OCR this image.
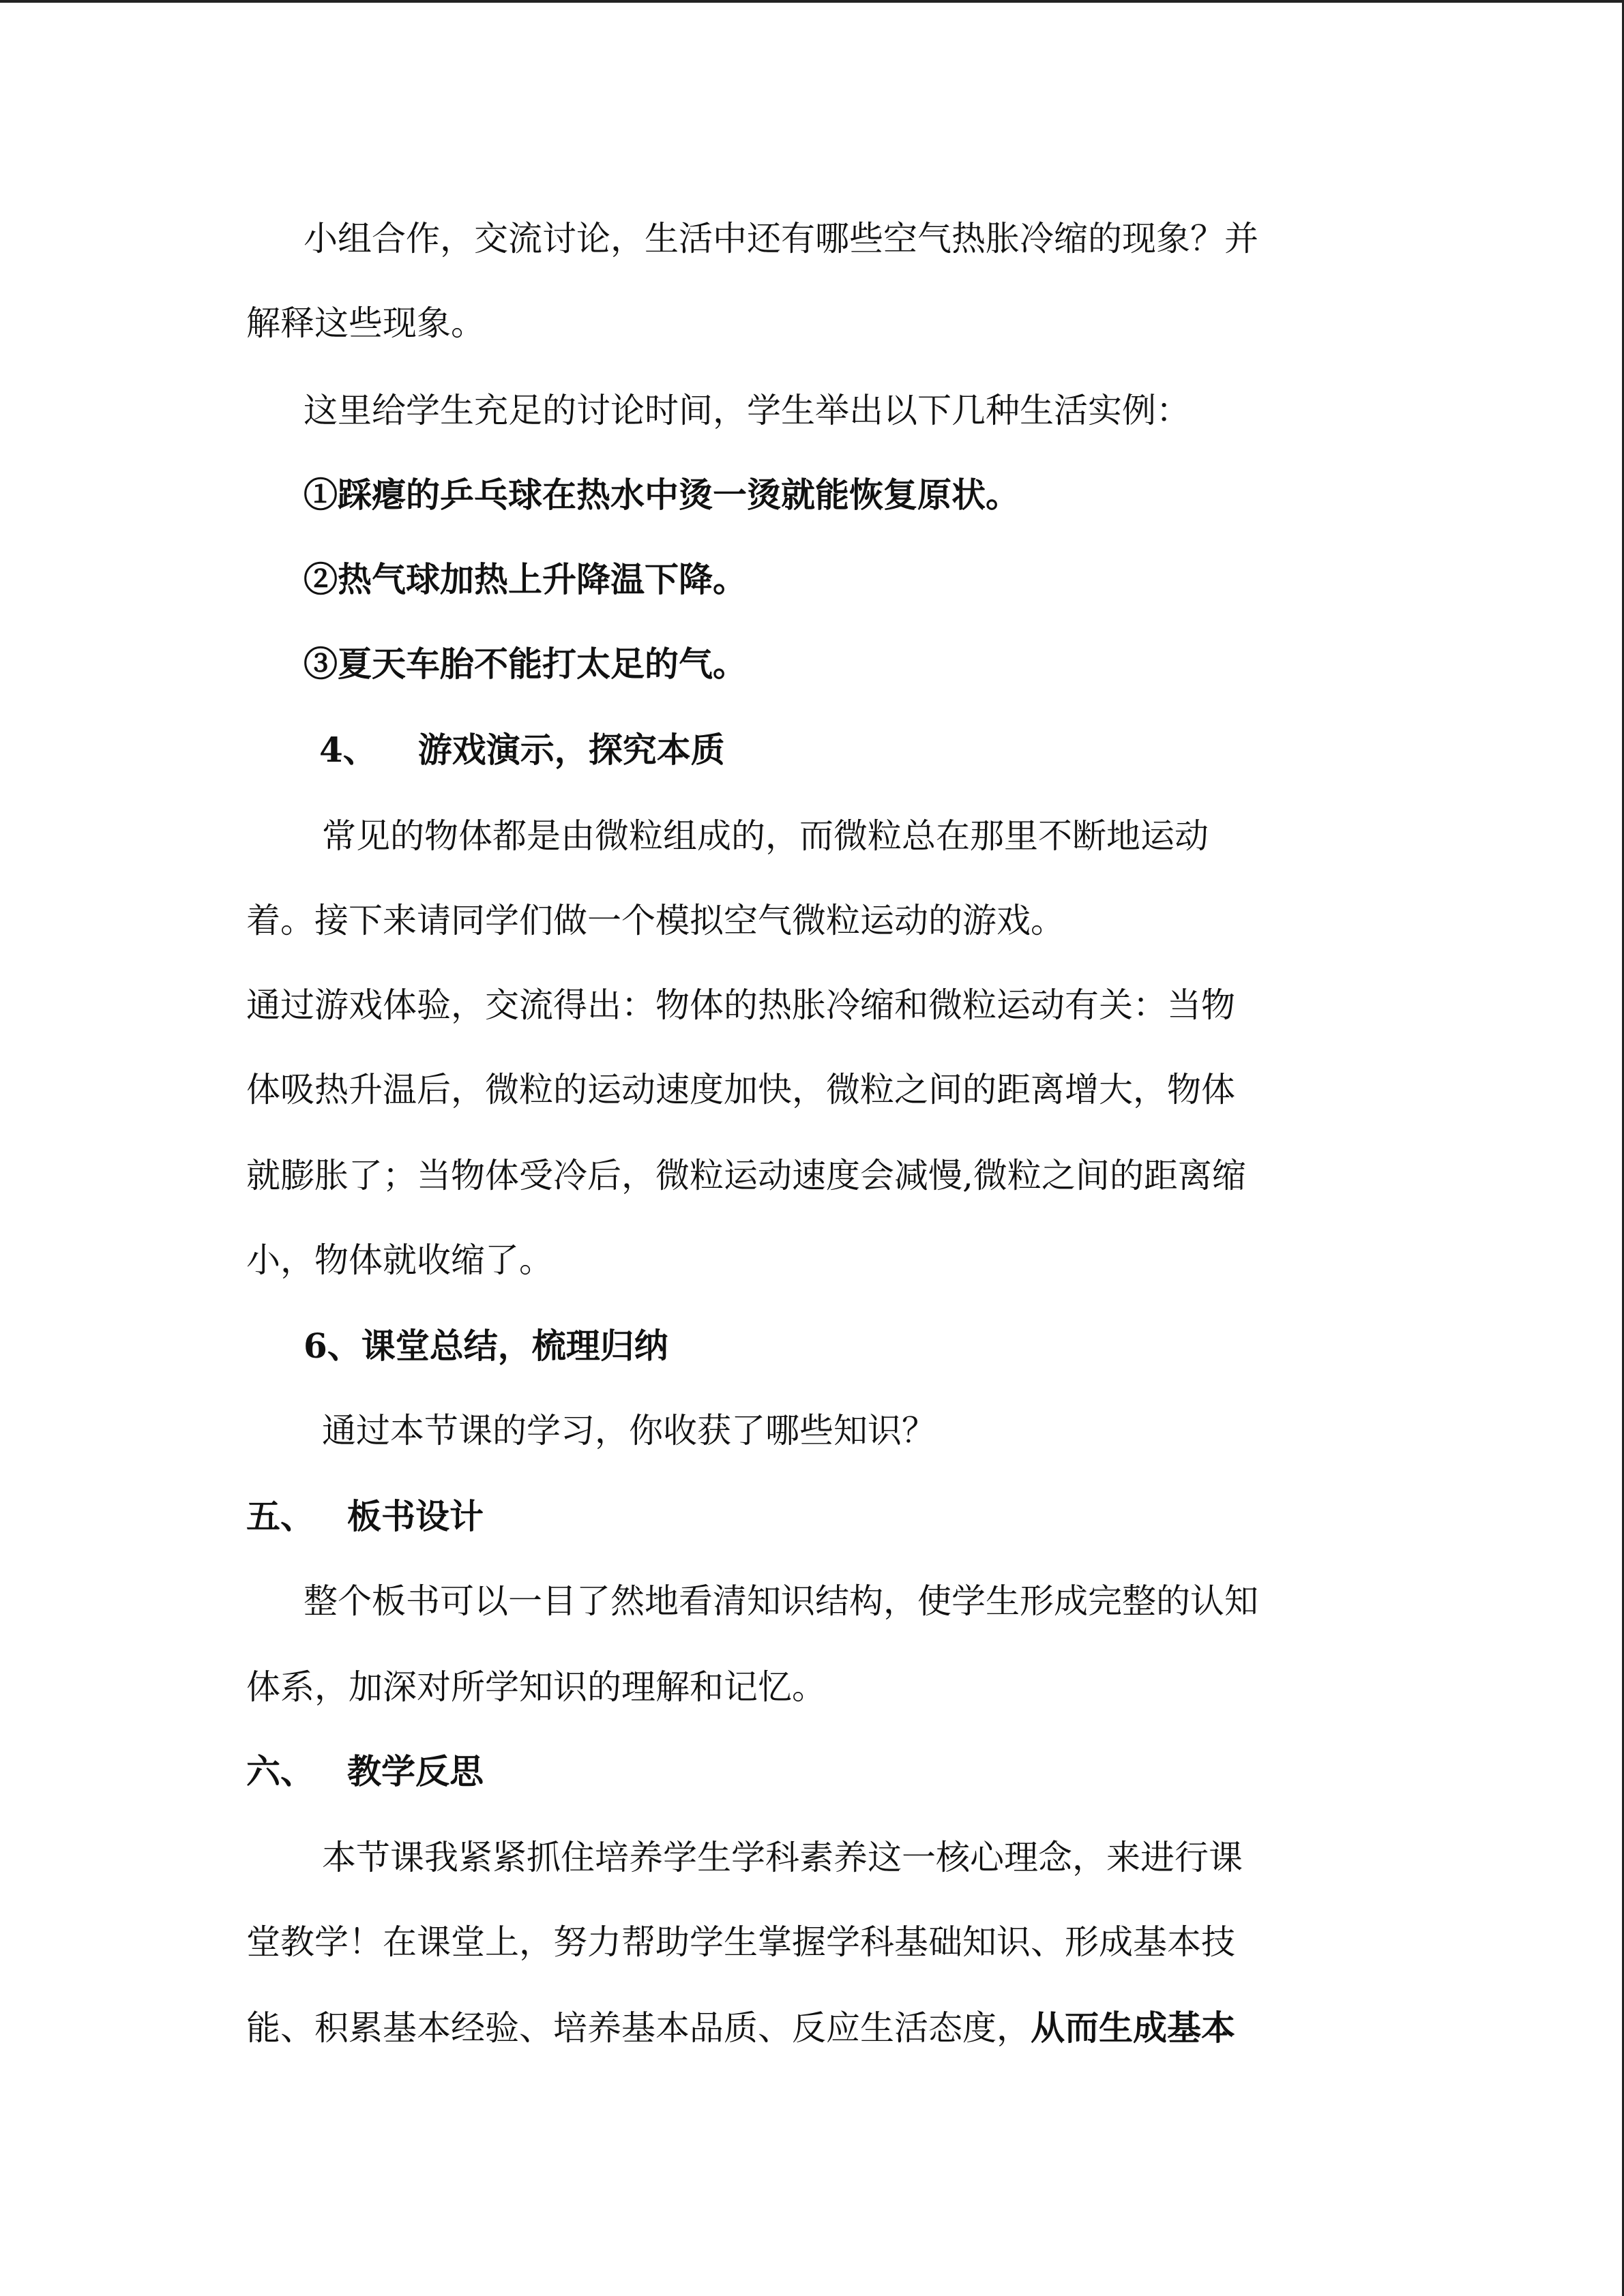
小组合作，交流讨论，生活中还有哪些空气热胀冷缩的现象？并
解释这些现象。
这里给学生充足的讨论时间，学生举出以下几种生活实例：
①踩瘪的乒乓球在热水中烫一烫就能恢复原状。
②热气球加热上升降温下降。
③夏天车胎不能打太足的气。
4、 游戏演示，探究本质
常见的物体都是由微粒组成的，而微粒总在那里不断地运动
着。接下来请同学们做一个模拟空气微粒运动的游戏。
通过游戏体验，交流得出：物体的热胀冷缩和微粒运动有关：当物
体吸热升温后，微粒的运动速度加快，微粒之间的距离增大，物体
就膨胀了；当物体受冷后，微粒运动速度会减慢,微粒之间的距离缩
小，物体就收缩了。
6、课堂总结，梳理归纳
通过本节课的学习，你收获了哪些知识？
五、 板书设计
整个板书可以一目了然地看清知识结构，使学生形成完整的认知
体系，加深对所学知识的理解和记忆。
六、 教学反思
本节课我紧紧抓住培养学生学科素养这一核心理念，来进行课
堂教学！在课堂上，努力帮助学生掌握学科基础知识、形成基本技
能、积累基本经验、培养基本品质、反应生活态度，从而生成基本
